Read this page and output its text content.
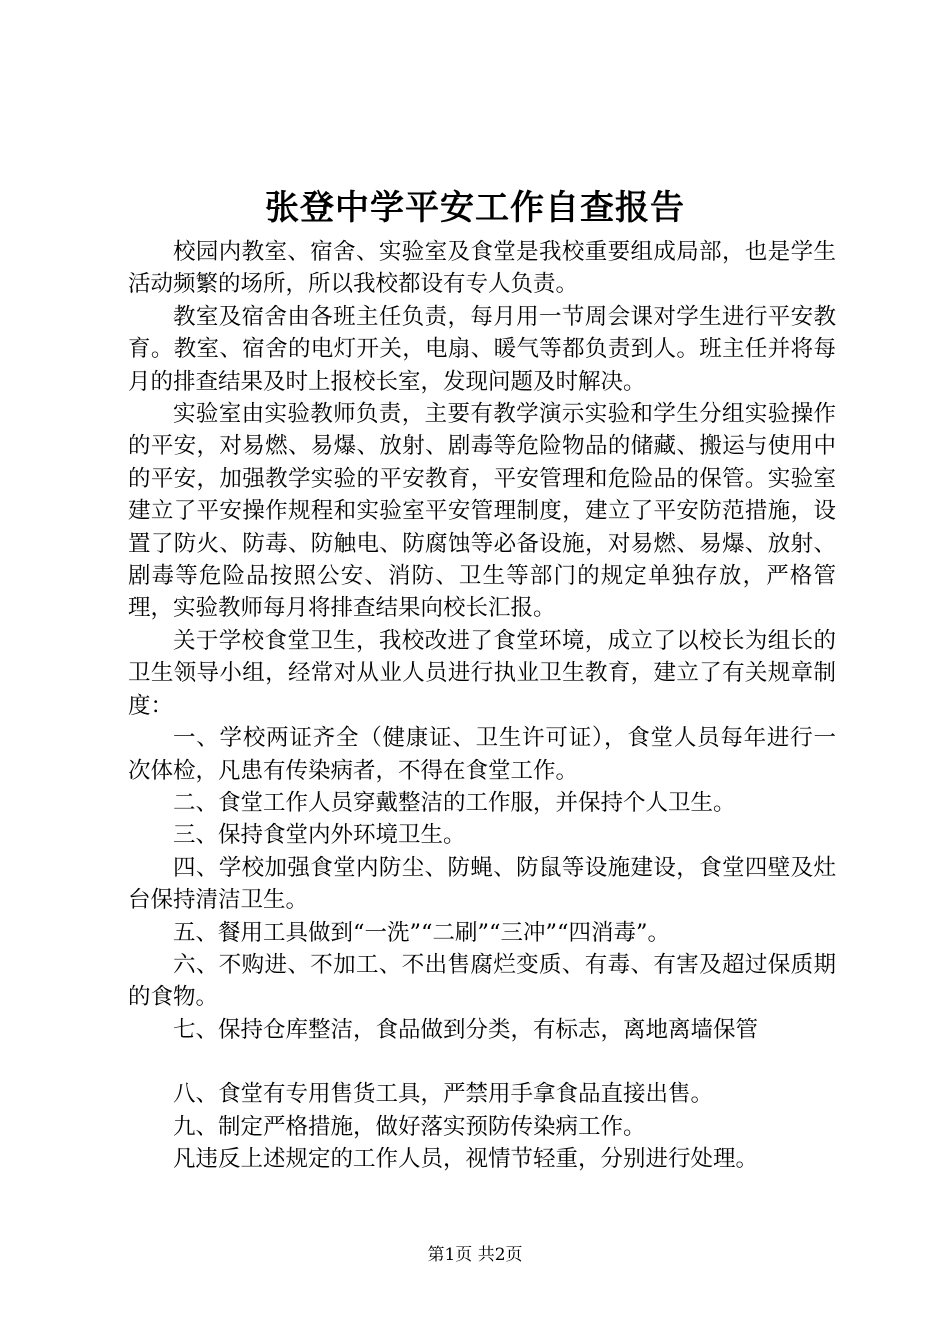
张登中学平安工作自查报告

校园内教室、宿舍、实验室及食堂是我校重要组成局部，也是学生活动频繁的场所，所以我校都设有专人负责。

教室及宿舍由各班主任负责，每月用一节周会课对学生进行平安教育。教室、宿舍的电灯开关，电扇、暖气等都负责到人。班主任并将每月的排查结果及时上报校长室，发现问题及时解决。

实验室由实验教师负责，主要有教学演示实验和学生分组实验操作的平安，对易燃、易爆、放射、剧毒等危险物品的储藏、搬运与使用中的平安，加强教学实验的平安教育，平安管理和危险品的保管。实验室建立了平安操作规程和实验室平安管理制度，建立了平安防范措施，设置了防火、防毒、防触电、防腐蚀等必备设施，对易燃、易爆、放射、剧毒等危险品按照公安、消防、卫生等部门的规定单独存放，严格管理，实验教师每月将排查结果向校长汇报。

关于学校食堂卫生，我校改进了食堂环境，成立了以校长为组长的卫生领导小组，经常对从业人员进行执业卫生教育，建立了有关规章制度：

一、学校两证齐全（健康证、卫生许可证），食堂人员每年进行一次体检，凡患有传染病者，不得在食堂工作。

二、食堂工作人员穿戴整洁的工作服，并保持个人卫生。

三、保持食堂内外环境卫生。

四、学校加强食堂内防尘、防蝇、防鼠等设施建设，食堂四壁及灶台保持清洁卫生。

五、餐用工具做到“一洗”“二刷”“三冲”“四消毒”。

六、不购进、不加工、不出售腐烂变质、有毒、有害及超过保质期的食物。

七、保持仓库整洁，食品做到分类，有标志，离地离墙保管

八、食堂有专用售货工具，严禁用手拿食品直接出售。

九、制定严格措施，做好落实预防传染病工作。

凡违反上述规定的工作人员，视情节轻重，分别进行处理。

第1页 共2页
